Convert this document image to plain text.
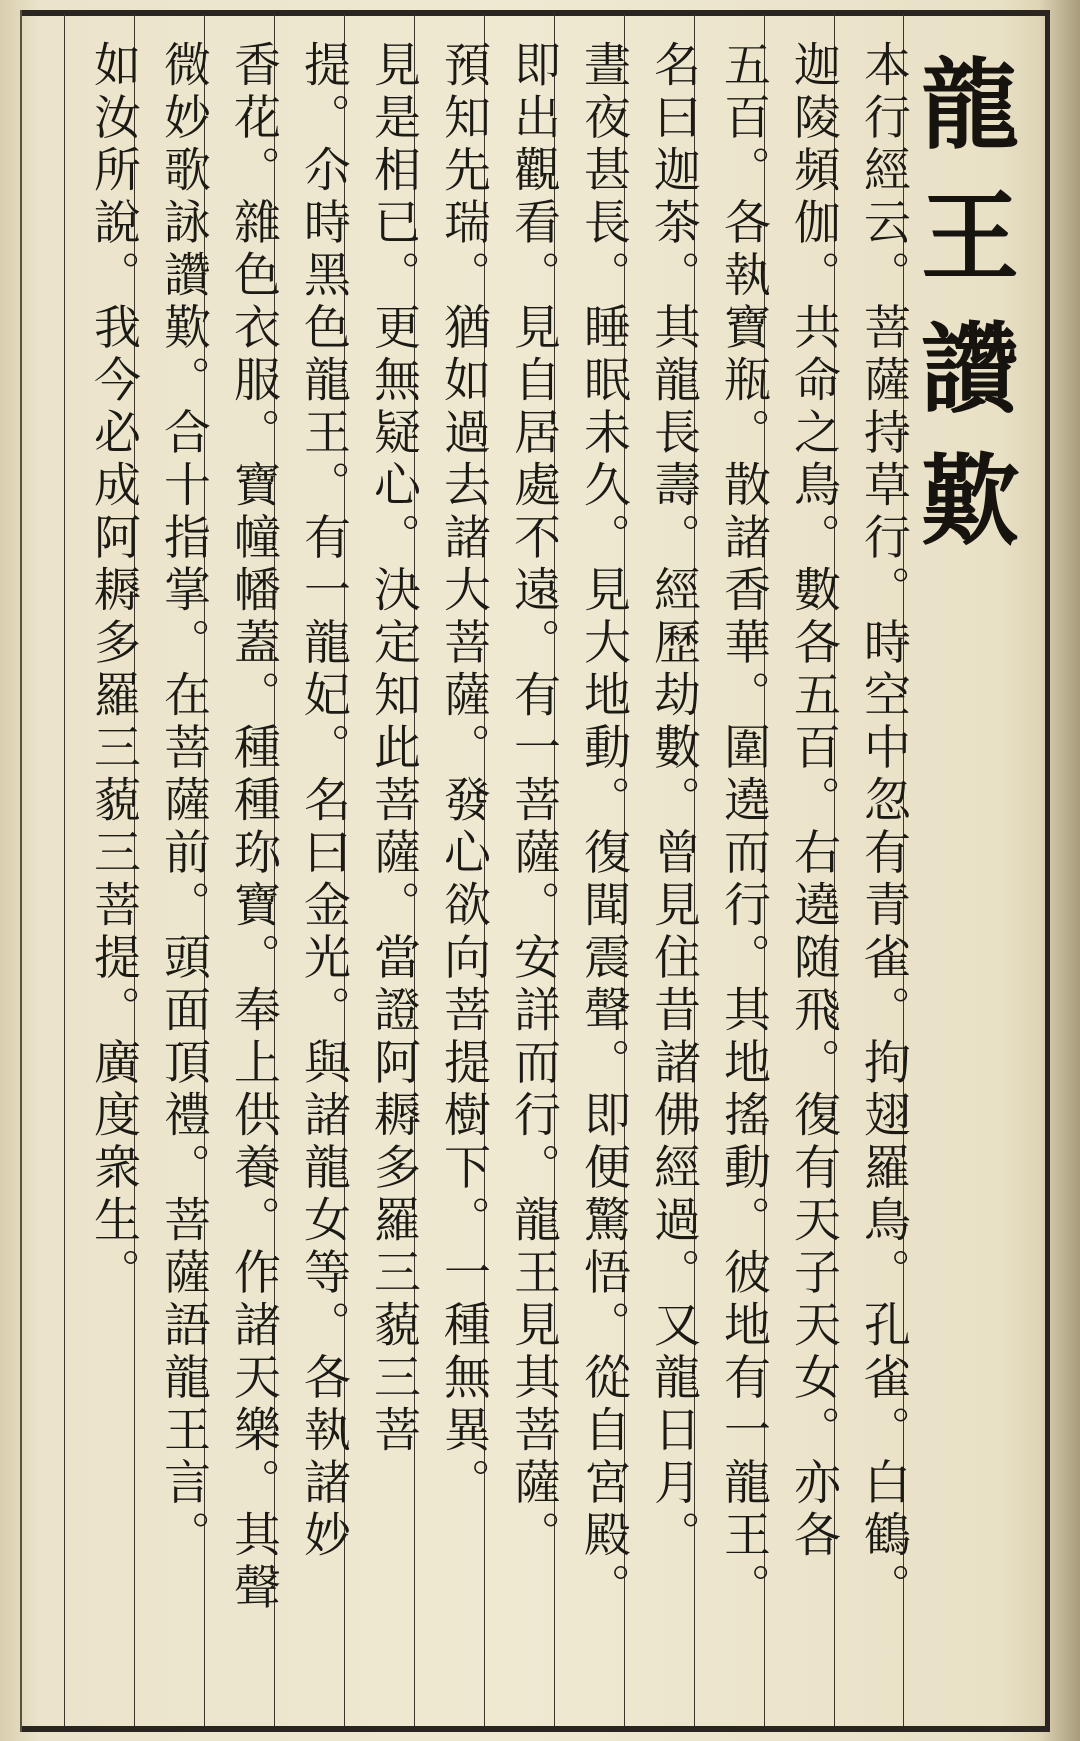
龍
王
讚
歎
本行經云。菩薩持草行。時空中忽有青雀。拘翅羅鳥。孔雀。白鶴。
迦陵頻伽。共命之鳥。數各五百。右遶随飛。復有天子天女。亦各
五百。各執寶瓶。散諸香華。圍遶而行。其地搖動。彼地有一龍王。
名曰迦茶。其龍長壽。經歷劫數。曾見住昔諸佛經過。又龍日月。
晝夜甚長。睡眠未久。見大地動。復聞震聲。即便驚悟。從自宮殿。
即出觀看。見自居處不遠。有一菩薩。安詳而行。龍王見其菩薩。
預知先瑞。猶如過去諸大菩薩。發心欲向菩提樹下。一種無異。
見是相已。更無疑心。決定知此菩薩。當證阿耨多羅三藐三菩
提。尒時黑色龍王。有一龍妃。名曰金光。與諸龍女等。各執諸妙
香花。雜色衣服。寶幢幡蓋。種種珎寶。奉上供養。作諸天樂。其聲
微妙歌詠讚歎。合十指掌。在菩薩前。頭面頂禮。菩薩語龍王言。
如汝所說。我今必成阿耨多羅三藐三菩提。廣度衆生。
